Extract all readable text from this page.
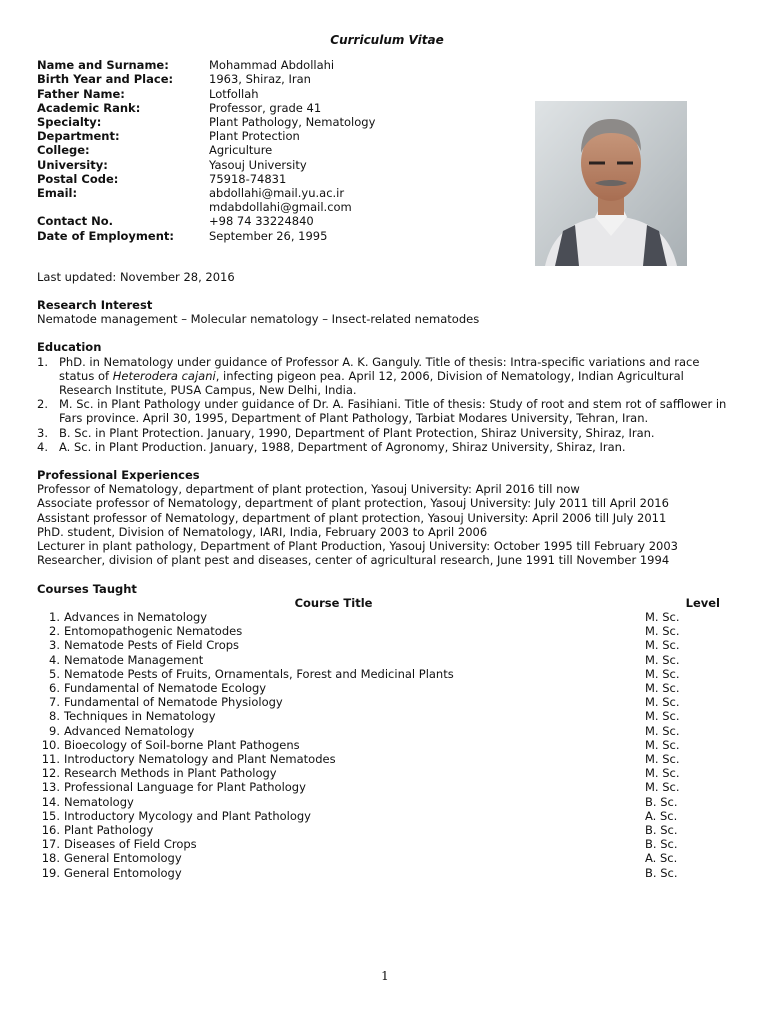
Curriculum Vitae
Name and Surname:	Mohammad Abdollahi
Birth Year and Place:	1963, Shiraz, Iran
Father Name:	Lotfollah
Academic Rank:	Professor, grade 41
Specialty:	Plant Pathology, Nematology
Department:	Plant Protection
College:	Agriculture
University:	Yasouj University
Postal Code:	75918-74831
Email:	abdollahi@mail.yu.ac.ir
mdabdollahi@gmail.com
Contact No.	+98 74 33224840
Date of Employment:	September 26, 1995
Last updated: November 28, 2016
Research Interest
Nematode management – Molecular nematology – Insect-related nematodes
Education
1. PhD. in Nematology under guidance of Professor A. K. Ganguly. Title of thesis: Intra-specific variations and race status of Heterodera cajani, infecting pigeon pea. April 12, 2006, Division of Nematology, Indian Agricultural Research Institute, PUSA Campus, New Delhi, India.
2. M. Sc. in Plant Pathology under guidance of Dr. A. Fasihiani. Title of thesis: Study of root and stem rot of safflower in Fars province. April 30, 1995, Department of Plant Pathology, Tarbiat Modares University, Tehran, Iran.
3. B. Sc. in Plant Protection. January, 1990, Department of Plant Protection, Shiraz University, Shiraz, Iran.
4. A. Sc. in Plant Production. January, 1988, Department of Agronomy, Shiraz University, Shiraz, Iran.
Professional Experiences
Professor of Nematology, department of plant protection, Yasouj University: April 2016 till now
Associate professor of Nematology, department of plant protection, Yasouj University: July 2011 till April 2016
Assistant professor of Nematology, department of plant protection, Yasouj University: April 2006 till July 2011
PhD. student, Division of Nematology, IARI, India, February 2003 to April 2006
Lecturer in plant pathology, Department of Plant Production, Yasouj University: October 1995 till February 2003
Researcher, division of plant pest and diseases, center of agricultural research, June 1991 till November 1994
Courses Taught
Course Title	Level
1. Advances in Nematology	M. Sc.
2. Entomopathogenic Nematodes	M. Sc.
3. Nematode Pests of Field Crops	M. Sc.
4. Nematode Management	M. Sc.
5. Nematode Pests of Fruits, Ornamentals, Forest and Medicinal Plants	M. Sc.
6. Fundamental of Nematode Ecology	M. Sc.
7. Fundamental of Nematode Physiology	M. Sc.
8. Techniques in Nematology	M. Sc.
9. Advanced Nematology	M. Sc.
10. Bioecology of Soil-borne Plant Pathogens	M. Sc.
11. Introductory Nematology and Plant Nematodes	M. Sc.
12. Research Methods in Plant Pathology	M. Sc.
13. Professional Language for Plant Pathology	M. Sc.
14. Nematology	B. Sc.
15. Introductory Mycology and Plant Pathology	A. Sc.
16. Plant Pathology	B. Sc.
17. Diseases of Field Crops	B. Sc.
18. General Entomology	A. Sc.
19. General Entomology	B. Sc.
1
